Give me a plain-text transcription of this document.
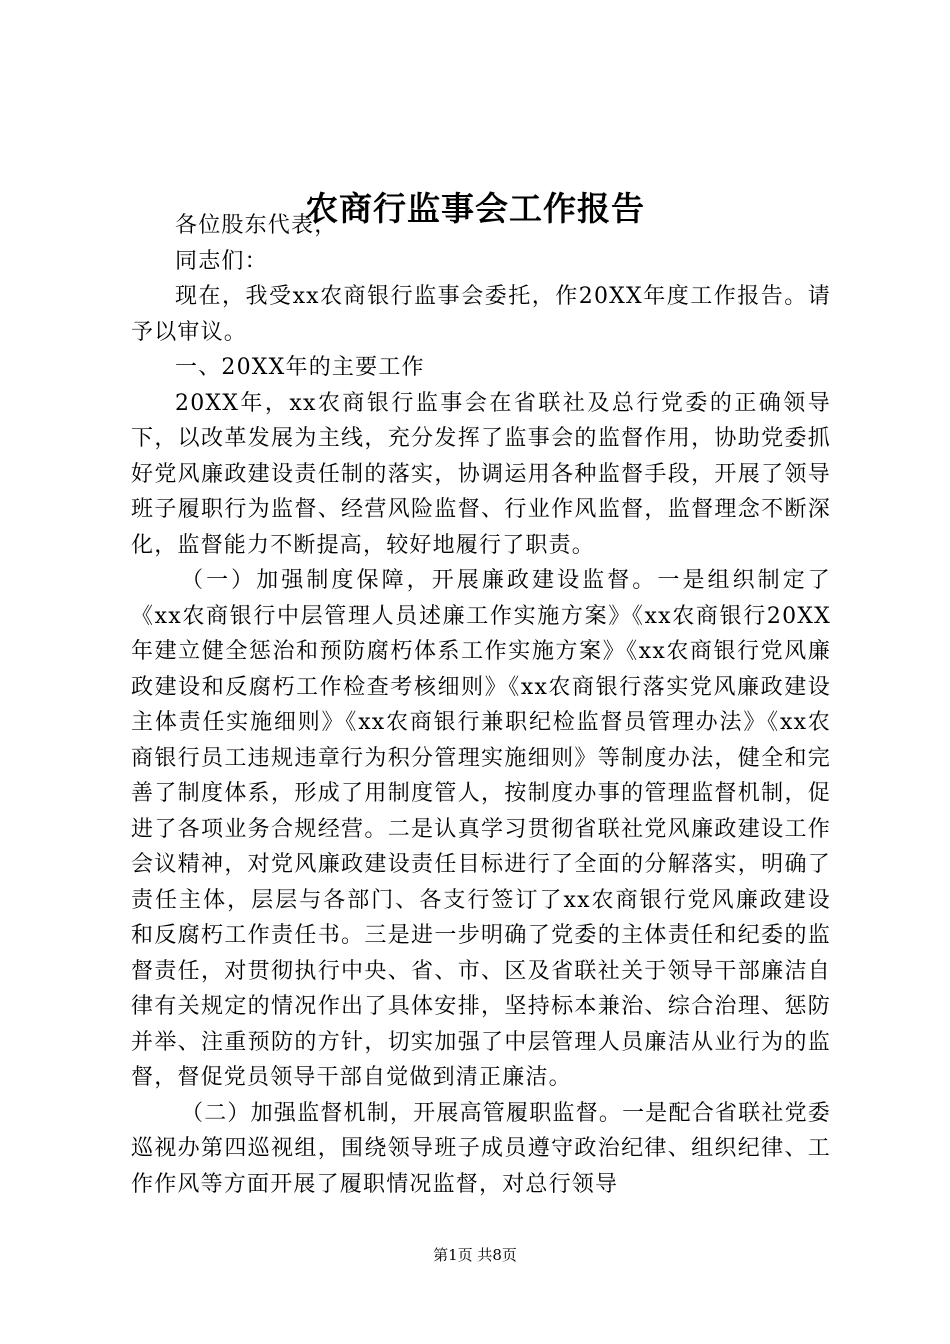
农商行监事会工作报告

各位股东代表，

同志们：

现在，我受xx农商银行监事会委托，作20XX年度工作报告。请予以审议。

一、20XX年的主要工作

20XX年，xx农商银行监事会在省联社及总行党委的正确领导下，以改革发展为主线，充分发挥了监事会的监督作用，协助党委抓好党风廉政建设责任制的落实，协调运用各种监督手段，开展了领导班子履职行为监督、经营风险监督、行业作风监督，监督理念不断深化，监督能力不断提高，较好地履行了职责。

（一）加强制度保障，开展廉政建设监督。一是组织制定了《xx农商银行中层管理人员述廉工作实施方案》《xx农商银行20XX年建立健全惩治和预防腐朽体系工作实施方案》《xx农商银行党风廉政建设和反腐朽工作检查考核细则》《xx农商银行落实党风廉政建设主体责任实施细则》《xx农商银行兼职纪检监督员管理办法》《xx农商银行员工违规违章行为积分管理实施细则》等制度办法，健全和完善了制度体系，形成了用制度管人，按制度办事的管理监督机制，促进了各项业务合规经营。二是认真学习贯彻省联社党风廉政建设工作会议精神，对党风廉政建设责任目标进行了全面的分解落实，明确了责任主体，层层与各部门、各支行签订了xx农商银行党风廉政建设和反腐朽工作责任书。三是进一步明确了党委的主体责任和纪委的监督责任，对贯彻执行中央、省、市、区及省联社关于领导干部廉洁自律有关规定的情况作出了具体安排，坚持标本兼治、综合治理、惩防并举、注重预防的方针，切实加强了中层管理人员廉洁从业行为的监督，督促党员领导干部自觉做到清正廉洁。

（二）加强监督机制，开展高管履职监督。一是配合省联社党委巡视办第四巡视组，围绕领导班子成员遵守政治纪律、组织纪律、工作作风等方面开展了履职情况监督，对总行领导

第1页 共8页
